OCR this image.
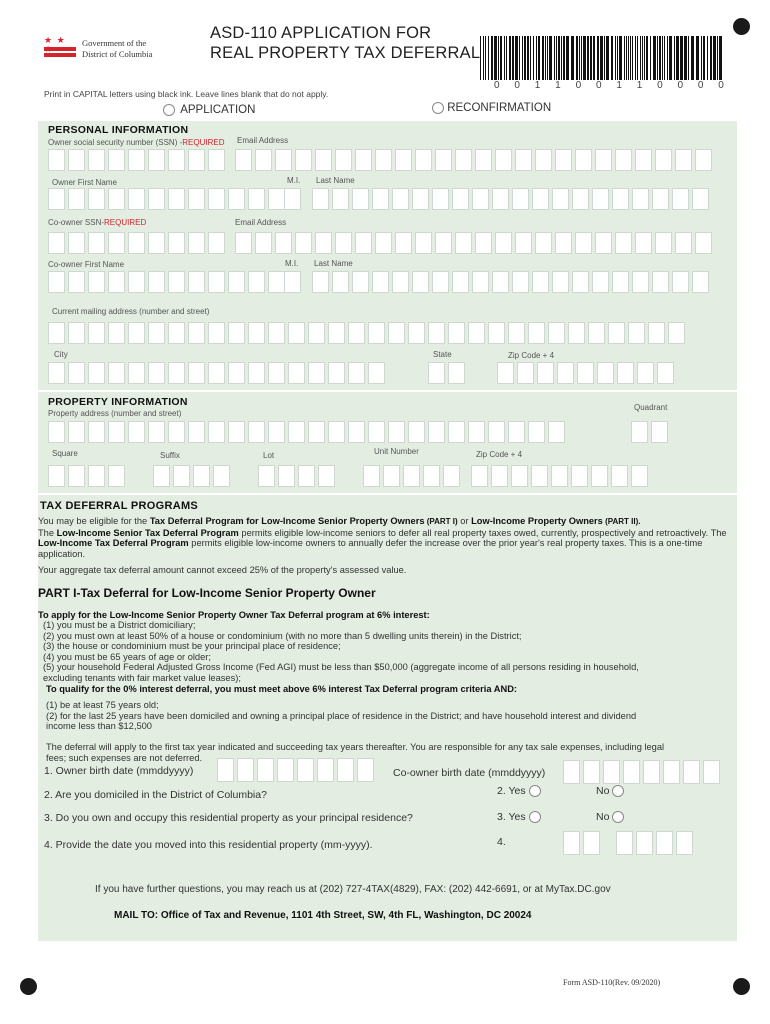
★ ★	Government of the
District of Columbia
ASD-110 APPLICATION FOR
REAL PROPERTY TAX DEFERRAL
0 0 1 1 0 0 1 1 0 0 0 0
Print in CAPITAL letters using black ink. Leave lines blank that do not apply.
APPLICATION	RECONFIRMATION
PERSONAL INFORMATION
Owner social security number (SSN) -REQUIRED Email Address
Owner First Name	M.I. Last Name
Co-owner SSN-REQUIRED	Email Address
Co-owner First Name	M.I. Last Name
Current mailing address (number and street)
City	State	Zip Code + 4
PROPERTY INFORMATION
Property address (number and street)
Quadrant
Square	Suffix	Lot	Unit Number	Zip Code + 4
TAX DEFERRAL PROGRAMS
You may be eligible for the Tax Deferral Program for Low-Income Senior Property Owners (PART I) or Low-Income Property Owners (PART II).
The Low-Income Senior Tax Deferral Program permits eligible low-income seniors to defer all real property taxes owed, currently, prospectively and retroactively. The Low-Income Tax Deferral Program permits eligible low-income owners to annually defer the increase over the prior year's real property taxes. This is a one-time application.
Your aggregate tax deferral amount cannot exceed 25% of the property's assessed value.
PART I-Tax Deferral for Low-Income Senior Property Owner
To apply for the Low-Income Senior Property Owner Tax Deferral program at 6% interest:
(1) you must be a District domiciliary;
(2) you must own at least 50% of a house or condominium (with no more than 5 dwelling units therein) in the District;
(3) the house or condominium must be your principal place of residence;
(4) you must be 65 years of age or older;
(5) your household Federal Adjusted Gross Income (Fed AGI) must be less than $50,000 (aggregate income of all persons residing in household,
excluding tenants with fair market value leases);
To qualify for the 0% interest deferral, you must meet above 6% interest Tax Deferral program criteria AND:
(1) be at least 75 years old;
(2) for the last 25 years have been domiciled and owning a principal place of residence in the District; and have household interest and dividend
income less than $12,500
The deferral will apply to the first tax year indicated and succeeding tax years thereafter. You are responsible for any tax sale expenses, including legal
fees; such expenses are not deferred.
1. Owner birth date (mmddyyyy)	Co-owner birth date (mmddyyyy)
2. Are you domiciled in the District of Columbia?	2. Yes	No
3. Do you own and occupy this residential property as your principal residence?	3. Yes	No
4. Provide the date you moved into this residential property (mm-yyyy).	4.
If you have further questions, you may reach us at (202) 727-4TAX(4829), FAX: (202) 442-6691, or at MyTax.DC.gov
MAIL TO: Office of Tax and Revenue, 1101 4th Street, SW, 4th FL, Washington, DC 20024
Form ASD-110(Rev. 09/2020)
